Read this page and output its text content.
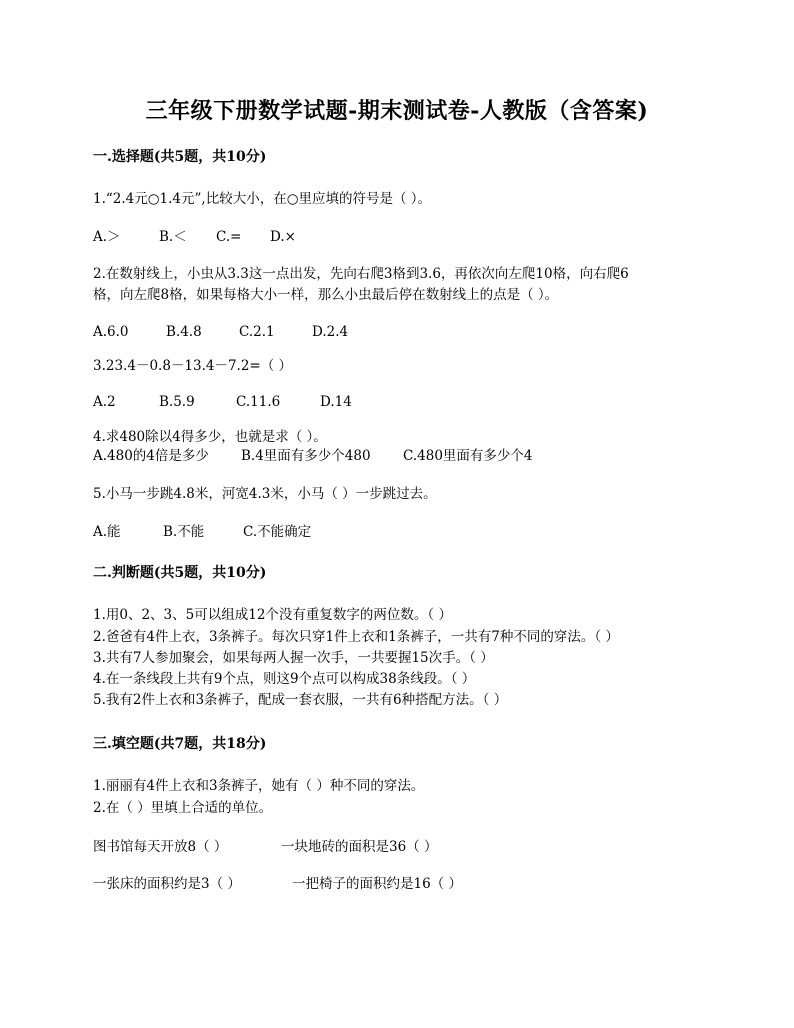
三年级下册数学试题-期末测试卷-人教版（含答案)
一.选择题(共5题，共10分)
1.“2.4元○1.4元”,比较大小，在○里应填的符号是（ ）。
A.＞	B.＜ C.= D.×
2.在数射线上，小虫从3.3这一点出发，先向右爬3格到3.6，再依次向左爬10格，向右爬6
格，向左爬8格，如果每格大小一样，那么小虫最后停在数射线上的点是（ ）。
A.6.0	B.4.8	C.2.1	D.2.4
3.23.4－0.8－13.4－7.2=（ ）
A.2	B.5.9	C.11.6	D.14
4.求480除以4得多少，也就是求（ ）。
A.480的4倍是多少 B.4里面有多少个480 C.480里面有多少个4
5.小马一步跳4.8米，河宽4.3米，小马（ ）一步跳过去。
A.能	B.不能	C.不能确定
二.判断题(共5题，共10分)
1.用0、2、3、5可以组成12个没有重复数字的两位数。（ ）
2.爸爸有4件上衣，3条裤子。每次只穿1件上衣和1条裤子，一共有7种不同的穿法。（ ）
3.共有7人参加聚会，如果每两人握一次手，一共要握15次手。（ ）
4.在一条线段上共有9个点，则这9个点可以构成38条线段。（ ）
5.我有2件上衣和3条裤子，配成一套衣服，一共有6种搭配方法。（ ）
三.填空题(共7题，共18分)
1.丽丽有4件上衣和3条裤子，她有（ ）种不同的穿法。
2.在（ ）里填上合适的单位。
图书馆每天开放8（ ）	一块地砖的面积是36（ ）
一张床的面积约是3（ ）	一把椅子的面积约是16（ ）
